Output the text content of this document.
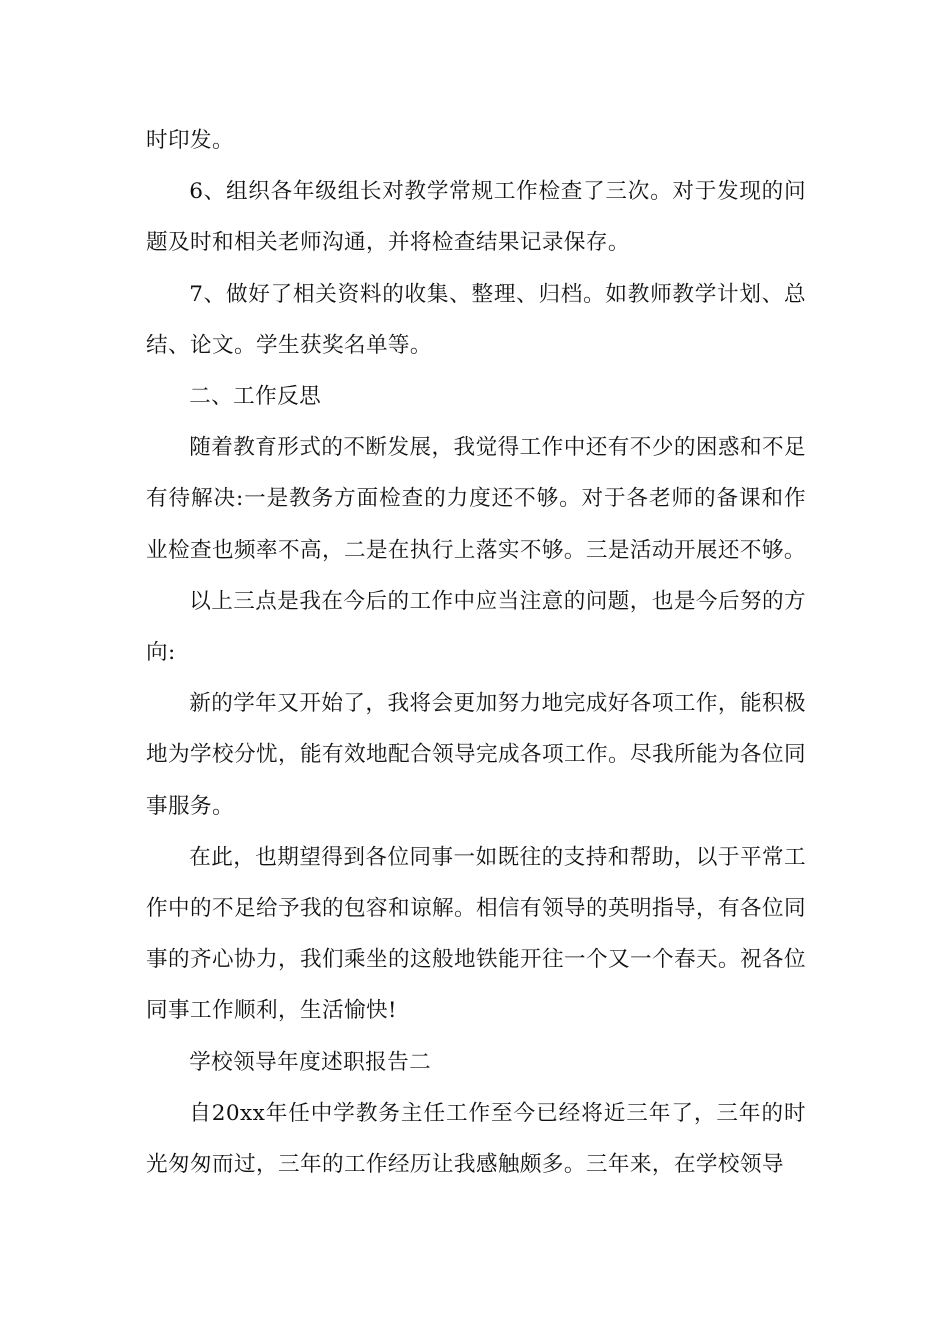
时印发。

6、组织各年级组长对教学常规工作检查了三次。对于发现的问题及时和相关老师沟通，并将检查结果记录保存。

7、做好了相关资料的收集、整理、归档。如教师教学计划、总结、论文。学生获奖名单等。

二、工作反思

随着教育形式的不断发展，我觉得工作中还有不少的困惑和不足有待解决:一是教务方面检查的力度还不够。对于各老师的备课和作业检查也频率不高，二是在执行上落实不够。三是活动开展还不够。

以上三点是我在今后的工作中应当注意的问题，也是今后努的方向:

新的学年又开始了，我将会更加努力地完成好各项工作，能积极地为学校分忧，能有效地配合领导完成各项工作。尽我所能为各位同事服务。

在此，也期望得到各位同事一如既往的支持和帮助，以于平常工作中的不足给予我的包容和谅解。相信有领导的英明指导，有各位同事的齐心协力，我们乘坐的这般地铁能开往一个又一个春天。祝各位同事工作顺利，生活愉快!

学校领导年度述职报告二

自20xx年任中学教务主任工作至今已经将近三年了，三年的时光匆匆而过，三年的工作经历让我感触颇多。三年来，在学校领导
